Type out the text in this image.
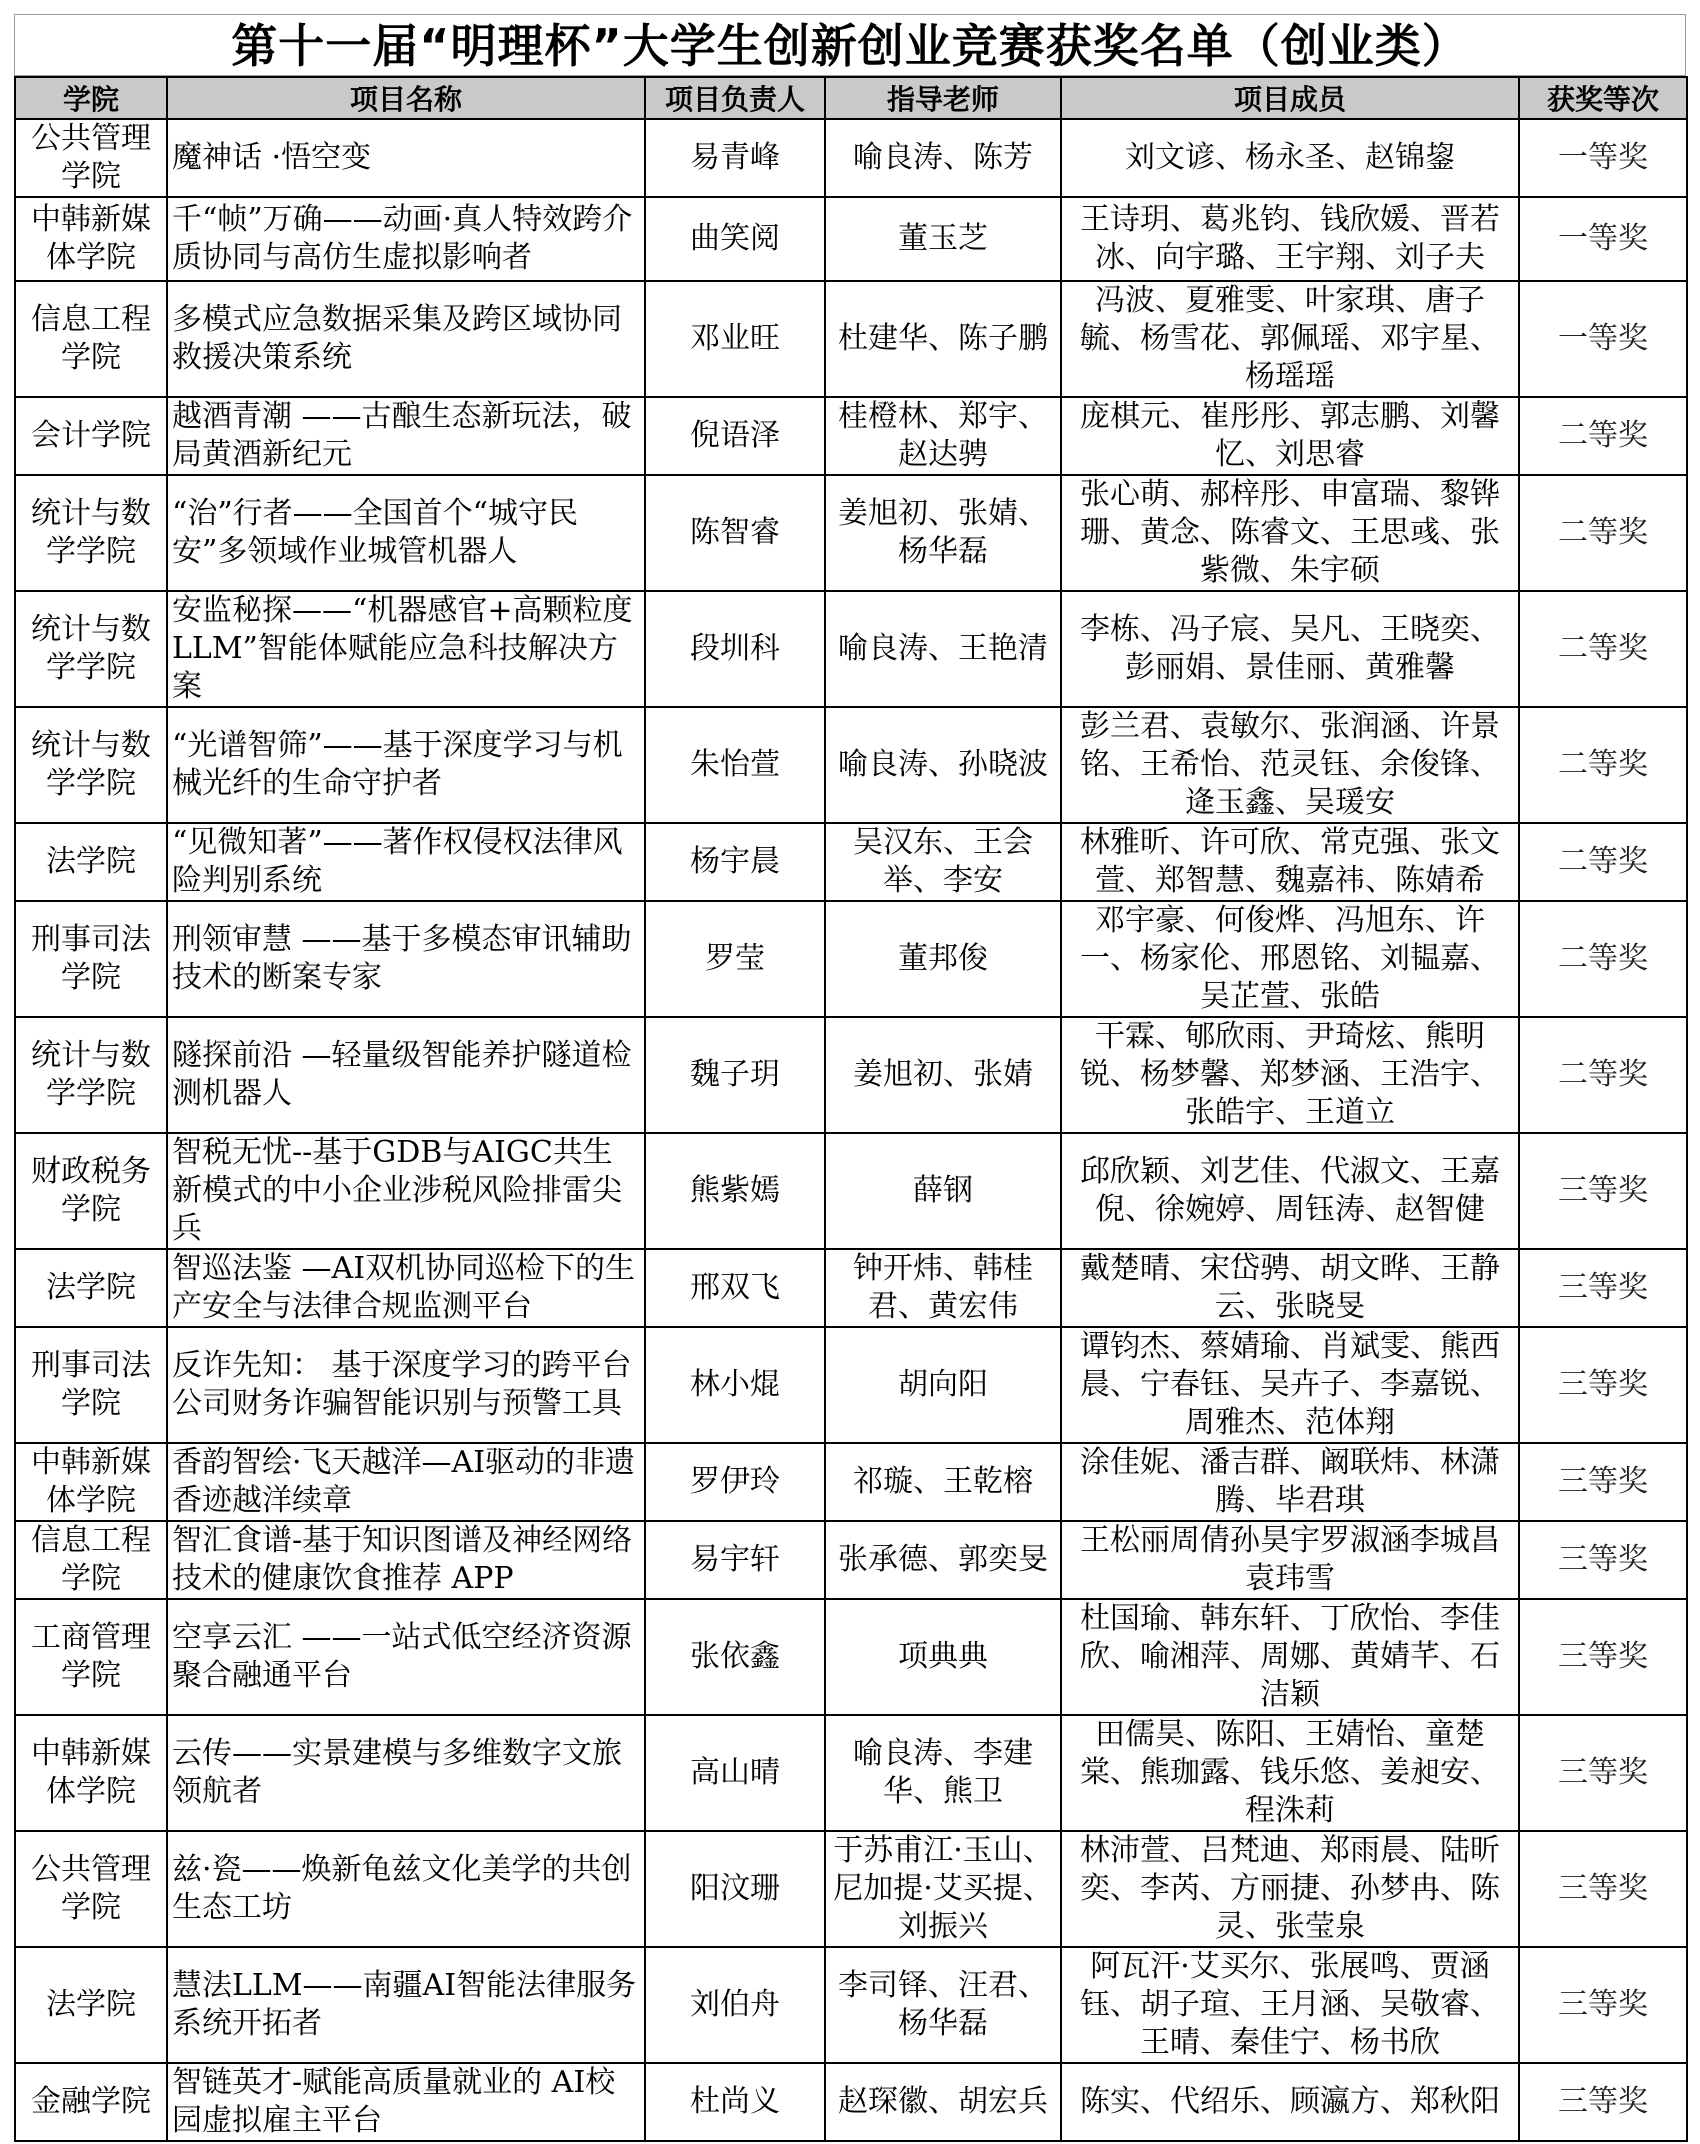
第十一届“明理杯”大学生创新创业竞赛获奖名单（创业类）
学院	项目名称	项目负责人	指导老师	项目成员	获奖等次
公共管理学院	魔神话 ·悟空变	易青峰	喻良涛、陈芳	刘文谚、杨永圣、赵锦鋆	一等奖
中韩新媒体学院	千“帧”万确——动画·真人特效跨介质协同与高仿生虚拟影响者	曲笑阅	董玉芝	王诗玥、葛兆钧、钱欣媛、晋若冰、向宇璐、王宇翔、刘子夫	一等奖
信息工程学院	多模式应急数据采集及跨区域协同救援决策系统	邓业旺	杜建华、陈子鹏	冯波、夏雅雯、叶家琪、唐子毓、杨雪花、郭佩瑶、邓宇星、杨瑶瑶	一等奖
会计学院	越酒青潮 ——古酿生态新玩法，破局黄酒新纪元	倪语泽	桂橙林、郑宇、赵达骋	庞棋元、崔彤彤、郭志鹏、刘馨忆、刘思睿	二等奖
统计与数学学院	“治”行者——全国首个“城守民安”多领域作业城管机器人	陈智睿	姜旭初、张婧、杨华磊	张心萌、郝梓彤、申富瑞、黎铧珊、黄念、陈睿文、王思彧、张紫微、朱宇硕	二等奖
统计与数学学院	安监秘探——“机器感官+高颗粒度LLM”智能体赋能应急科技解决方案	段圳科	喻良涛、王艳清	李栋、冯子宸、吴凡、王晓奕、彭丽娟、景佳丽、黄雅馨	二等奖
统计与数学学院	“光谱智筛”——基于深度学习与机械光纤的生命守护者	朱怡萱	喻良涛、孙晓波	彭兰君、袁敏尔、张润涵、许景铭、王希怡、范灵钰、余俊锋、逄玉鑫、吴瑗安	二等奖
法学院	“见微知著”——著作权侵权法律风险判别系统	杨宇晨	吴汉东、王会举、李安	林雅昕、许可欣、常克强、张文萱、郑智慧、魏嘉祎、陈婧希	二等奖
刑事司法学院	刑领审慧 ——基于多模态审讯辅助技术的断案专家	罗莹	董邦俊	邓宇豪、何俊烨、冯旭东、许一、杨家伦、邢恩铭、刘韫嘉、吴芷萱、张皓	二等奖
统计与数学学院	隧探前沿 —轻量级智能养护隧道检测机器人	魏子玥	姜旭初、张婧	干霖、郇欣雨、尹琦炫、熊明锐、杨梦馨、郑梦涵、王浩宇、张皓宇、王道立	二等奖
财政税务学院	智税无忧--基于GDB与AIGC共生新模式的中小企业涉税风险排雷尖兵	熊紫嫣	薛钢	邱欣颖、刘艺佳、代淑文、王嘉倪、徐婉婷、周钰涛、赵智健	三等奖
法学院	智巡法鉴 —AI双机协同巡检下的生产安全与法律合规监测平台	邢双飞	钟开炜、韩桂君、黄宏伟	戴楚晴、宋岱骋、胡文晔、王静云、张晓旻	三等奖
刑事司法学院	反诈先知： 基于深度学习的跨平台公司财务诈骗智能识别与预警工具	林小焜	胡向阳	谭钧杰、蔡婧瑜、肖斌雯、熊西晨、宁春钰、吴卉子、李嘉锐、周雅杰、范体翔	三等奖
中韩新媒体学院	香韵智绘·飞天越洋—AI驱动的非遗香迹越洋续章	罗伊玲	祁璇、王乾榕	涂佳妮、潘吉群、阚联炜、林潇腾、毕君琪	三等奖
信息工程学院	智汇食谱-基于知识图谱及神经网络技术的健康饮食推荐 APP	易宇轩	张承德、郭奕旻	王松丽周倩孙昊宇罗淑涵李城昌袁玮雪	三等奖
工商管理学院	空享云汇 ——一站式低空经济资源聚合融通平台	张依鑫	项典典	杜国瑜、韩东轩、丁欣怡、李佳欣、喻湘萍、周娜、黄婧芊、石洁颖	三等奖
中韩新媒体学院	云传——实景建模与多维数字文旅领航者	高山晴	喻良涛、李建华、熊卫	田儒昊、陈阳、王婧怡、童楚棠、熊珈露、钱乐悠、姜昶安、程洙莉	三等奖
公共管理学院	兹·瓷——焕新龟兹文化美学的共创生态工坊	阳汶珊	于苏甫江·玉山、尼加提·艾买提、刘振兴	林沛萱、吕梵迪、郑雨晨、陆昕奕、李芮、方丽捷、孙梦冉、陈灵、张莹泉	三等奖
法学院	慧法LLM——南疆AI智能法律服务系统开拓者	刘伯舟	李司铎、汪君、杨华磊	阿瓦汗·艾买尔、张展鸣、贾涵钰、胡子瑄、王月涵、吴敬睿、王晴、秦佳宁、杨书欣	三等奖
金融学院	智链英才-赋能高质量就业的 AI校园虚拟雇主平台	杜尚义	赵琛徽、胡宏兵	陈实、代绍乐、顾瀛方、郑秋阳	三等奖
